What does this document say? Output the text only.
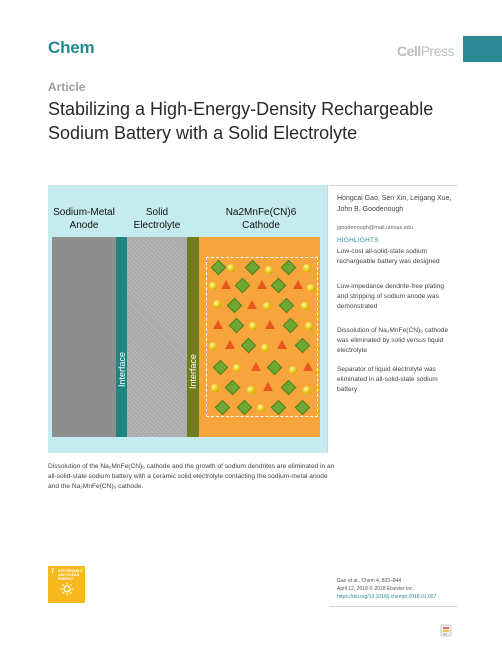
Chem	CellPress
Article
Stabilizing a High-Energy-Density Rechargeable Sodium Battery with a Solid Electrolyte
Sodium-Metal
Anode
Solid
Electrolyte
Na2MnFe(CN)6
Cathode
Interface	Interface
Dissolution of the Na₂MnFe(CN)₆ cathode and the growth of sodium dendrites are eliminated in an all-solid-state sodium battery with a ceramic solid electrolyte contacting the sodium-metal anode and the Na₂MnFe(CN)₆ cathode.
Hongcai Gao, Sen Xin, Leigang Xue, John B. Goodenough
jgoodenough@mail.utexas.edu
HIGHLIGHTS
Low-cost all-solid-state sodium rechargeable battery was designed
Low-impedance dendrite-free plating and stripping of sodium anode was demonstrated
Dissolution of Na₂MnFe(CN)₆ cathode was eliminated by solid versus liquid electrolyte
Separator of liquid electrolyte was eliminated in all-solid-state sodium battery
7 AFFORDABLE AND CLEAN ENERGY	Gao et al., Chem 4, 833–844
April 12, 2018 © 2018 Elsevier Inc.
https://doi.org/10.1016/j.chempr.2018.01.007
